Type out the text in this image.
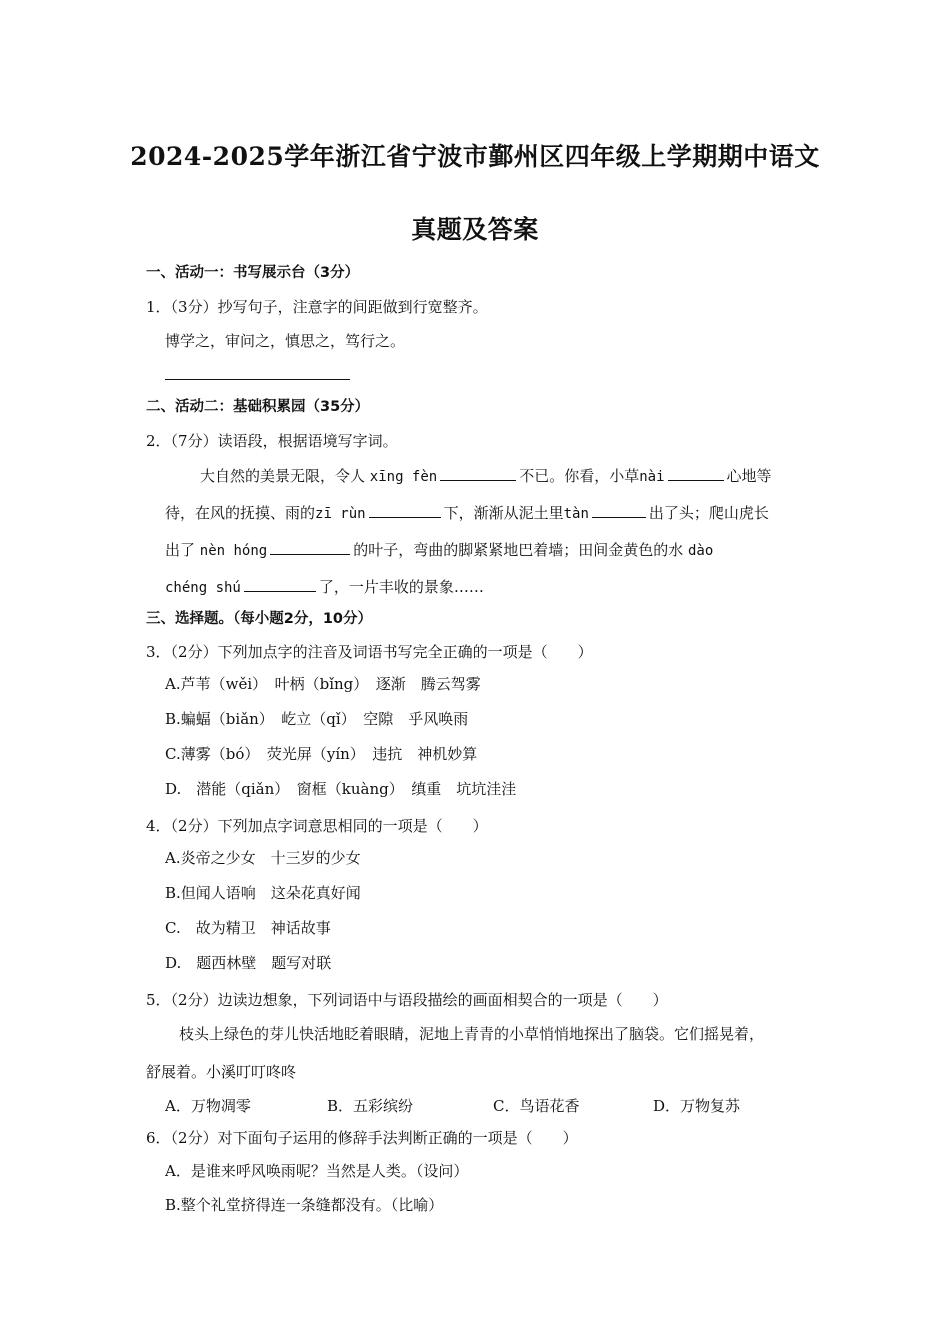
2024-2025学年浙江省宁波市鄞州区四年级上学期期中语文
真题及答案
一、活动一：书写展示台（3分）
1．（3分）抄写句子，注意字的间距做到行宽整齐。
博学之，审问之，慎思之，笃行之。
二、活动二：基础积累园（35分）
2．（7分）读语段，根据语境写字词。
大自然的美景无限，令人 xīng fèn	不已。你看，小草nài	心地等
待，在风的抚摸、雨的zī rùn	下，渐渐从泥土里tàn	出了头；爬山虎长
出了 nèn hóng	的叶子，弯曲的脚紧紧地巴着墙；田间金黄色的水 dào
chéng shú	了，一片丰收的景象……
三、选择题。（每小题2分，10分）
3．（2分）下列加点字的注音及词语书写完全正确的一项是（　　）
A.芦苇（wěi）　叶柄（bǐng）　逐渐　腾云驾雾
B.蝙蝠（biǎn）　屹立（qǐ）　空隙　乎风唤雨
C.薄雾（bó）　荧光屏（yín）　违抗　神机妙算
D.　潜能（qiǎn）　窗框（kuàng）　缜重　坑坑洼洼
4．（2分）下列加点字词意思相同的一项是（　　）
A.炎帝之少女　十三岁的少女
B.但闻人语响　这朵花真好闻
C.　故为精卫　神话故事
D.　题西林壁　题写对联
5．（2分）边读边想象，下列词语中与语段描绘的画面相契合的一项是（　　）
枝头上绿色的芽儿快活地眨着眼睛，泥地上青青的小草悄悄地探出了脑袋。它们摇晃着，
舒展着。小溪叮叮咚咚
A．万物凋零	B．五彩缤纷	C．鸟语花香	D．万物复苏
6．（2分）对下面句子运用的修辞手法判断正确的一项是（　　）
A．是谁来呼风唤雨呢？当然是人类。（设问）
B.整个礼堂挤得连一条缝都没有。（比喻）
